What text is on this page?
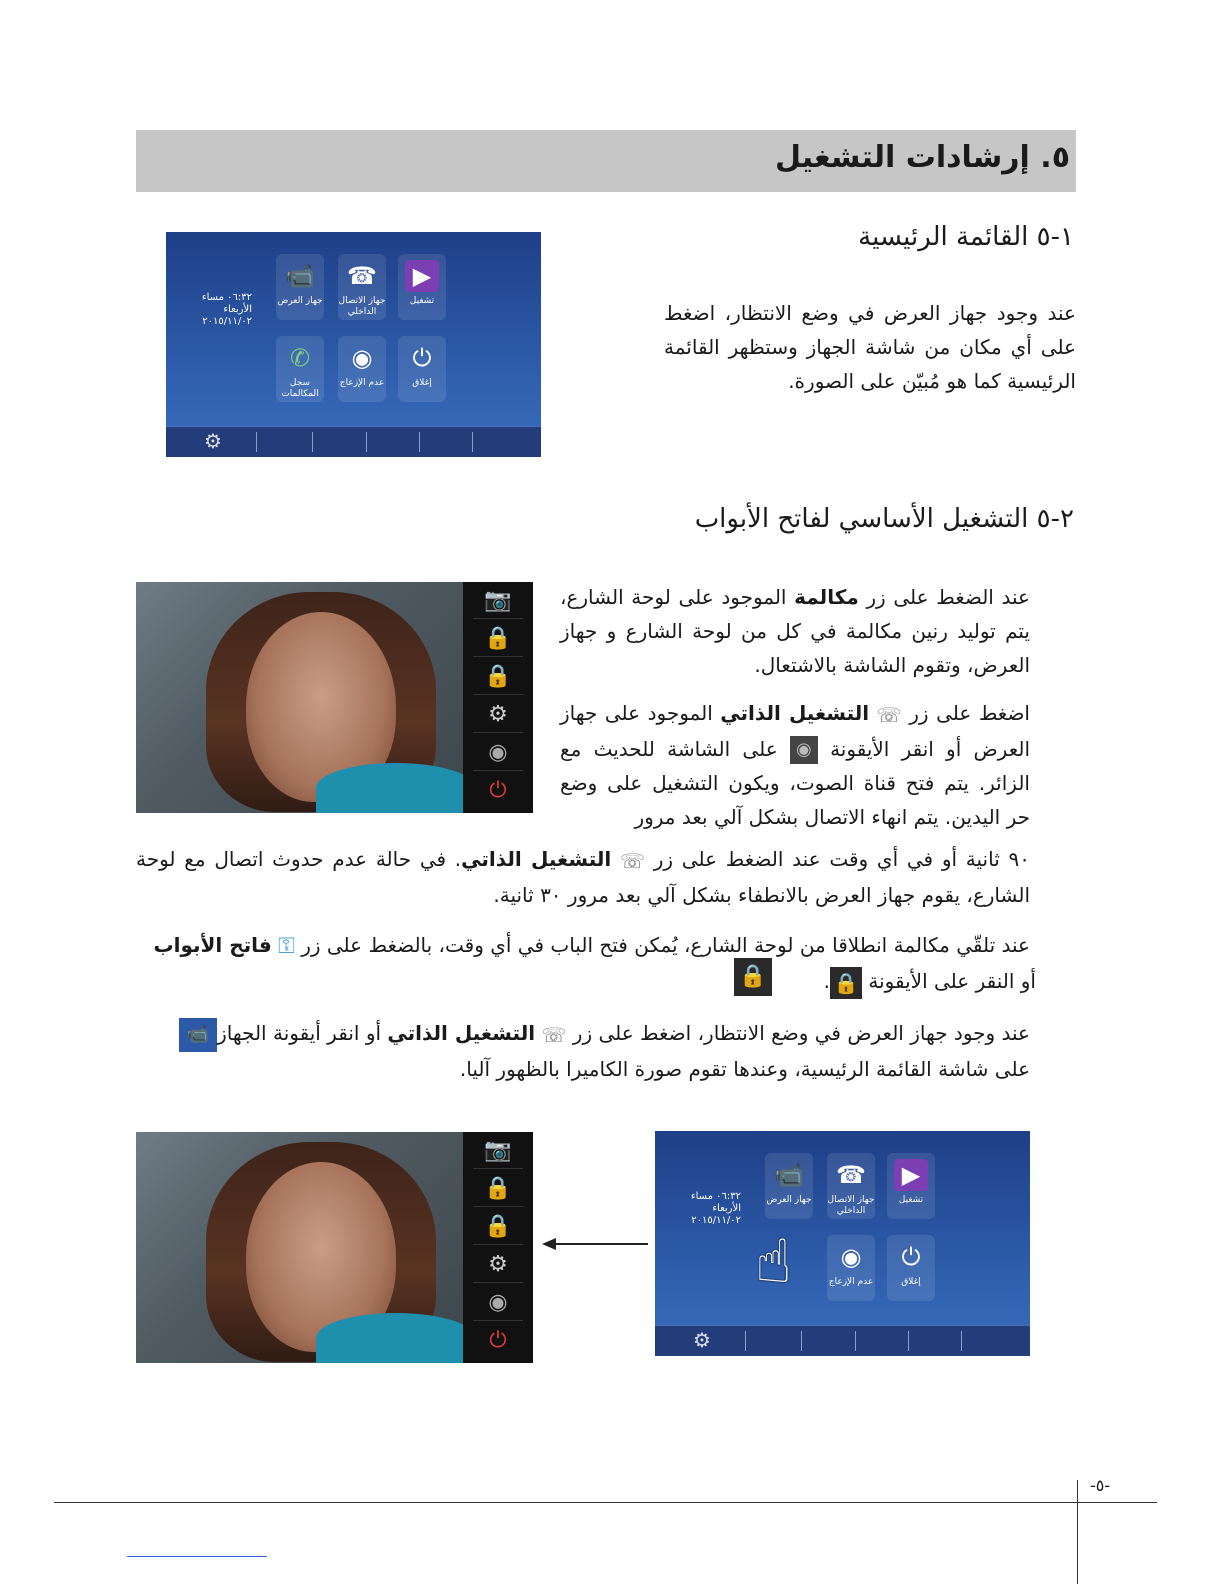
٥. إرشادات التشغيل
١-٥ القائمة الرئيسية
عند وجود جهاز العرض في وضع الانتظار، اضغط على أي مكان من شاشة الجهاز وستظهر القائمة الرئيسية كما هو مُبيّن على الصورة.
٠٦:٣٢ مساء
الأربعاء
٢٠١٥/١١/٠٢
▶
تشغيل
☎
جهاز الاتصال الداخلي
📹
جهاز العرض
⏻
إغلاق
◉
عدم الإزعاج
✆
سجل المكالمات
⚙
٢-٥ التشغيل الأساسي لفاتح الأبواب
📷
🔒
🔒
⚙
◉
⏻
عند الضغط على زر مكالمة الموجود على لوحة الشارع، يتم توليد رنين مكالمة في كل من لوحة الشارع و جهاز العرض، وتقوم الشاشة بالاشتعال.
اضغط على زر ☏ التشغيل الذاتي الموجود على جهاز العرض أو انقر الأيقونة ◉ على الشاشة للحديث مع الزائر. يتم فتح قناة الصوت، ويكون التشغيل على وضع حر اليدين. يتم انهاء الاتصال بشكل آلي بعد مرور
٩٠ ثانية أو في أي وقت عند الضغط على زر ☏ التشغيل الذاتي. في حالة عدم حدوث اتصال مع لوحة الشارع، يقوم جهاز العرض بالانطفاء بشكل آلي بعد مرور ٣٠ ثانية.
عند تلقّي مكالمة انطلاقا من لوحة الشارع، يُمكن فتح الباب في أي وقت، بالضغط على زر ⚿ فاتح الأبواب
أو النقر على الأيقونة 🔒.
🔒
عند وجود جهاز العرض في وضع الانتظار، اضغط على زر ☏ التشغيل الذاتي أو انقر أيقونة الجهاز📹
على شاشة القائمة الرئيسية، وعندها تقوم صورة الكاميرا بالظهور آليا.
📷
🔒
🔒
⚙
◉
⏻
٠٦:٣٢ مساء
الأربعاء
٢٠١٥/١١/٠٢
▶
تشغيل
☎
جهاز الاتصال الداخلي
📹
جهاز العرض
⏻
إغلاق
◉
عدم الإزعاج
☝
⚙
-٥-
